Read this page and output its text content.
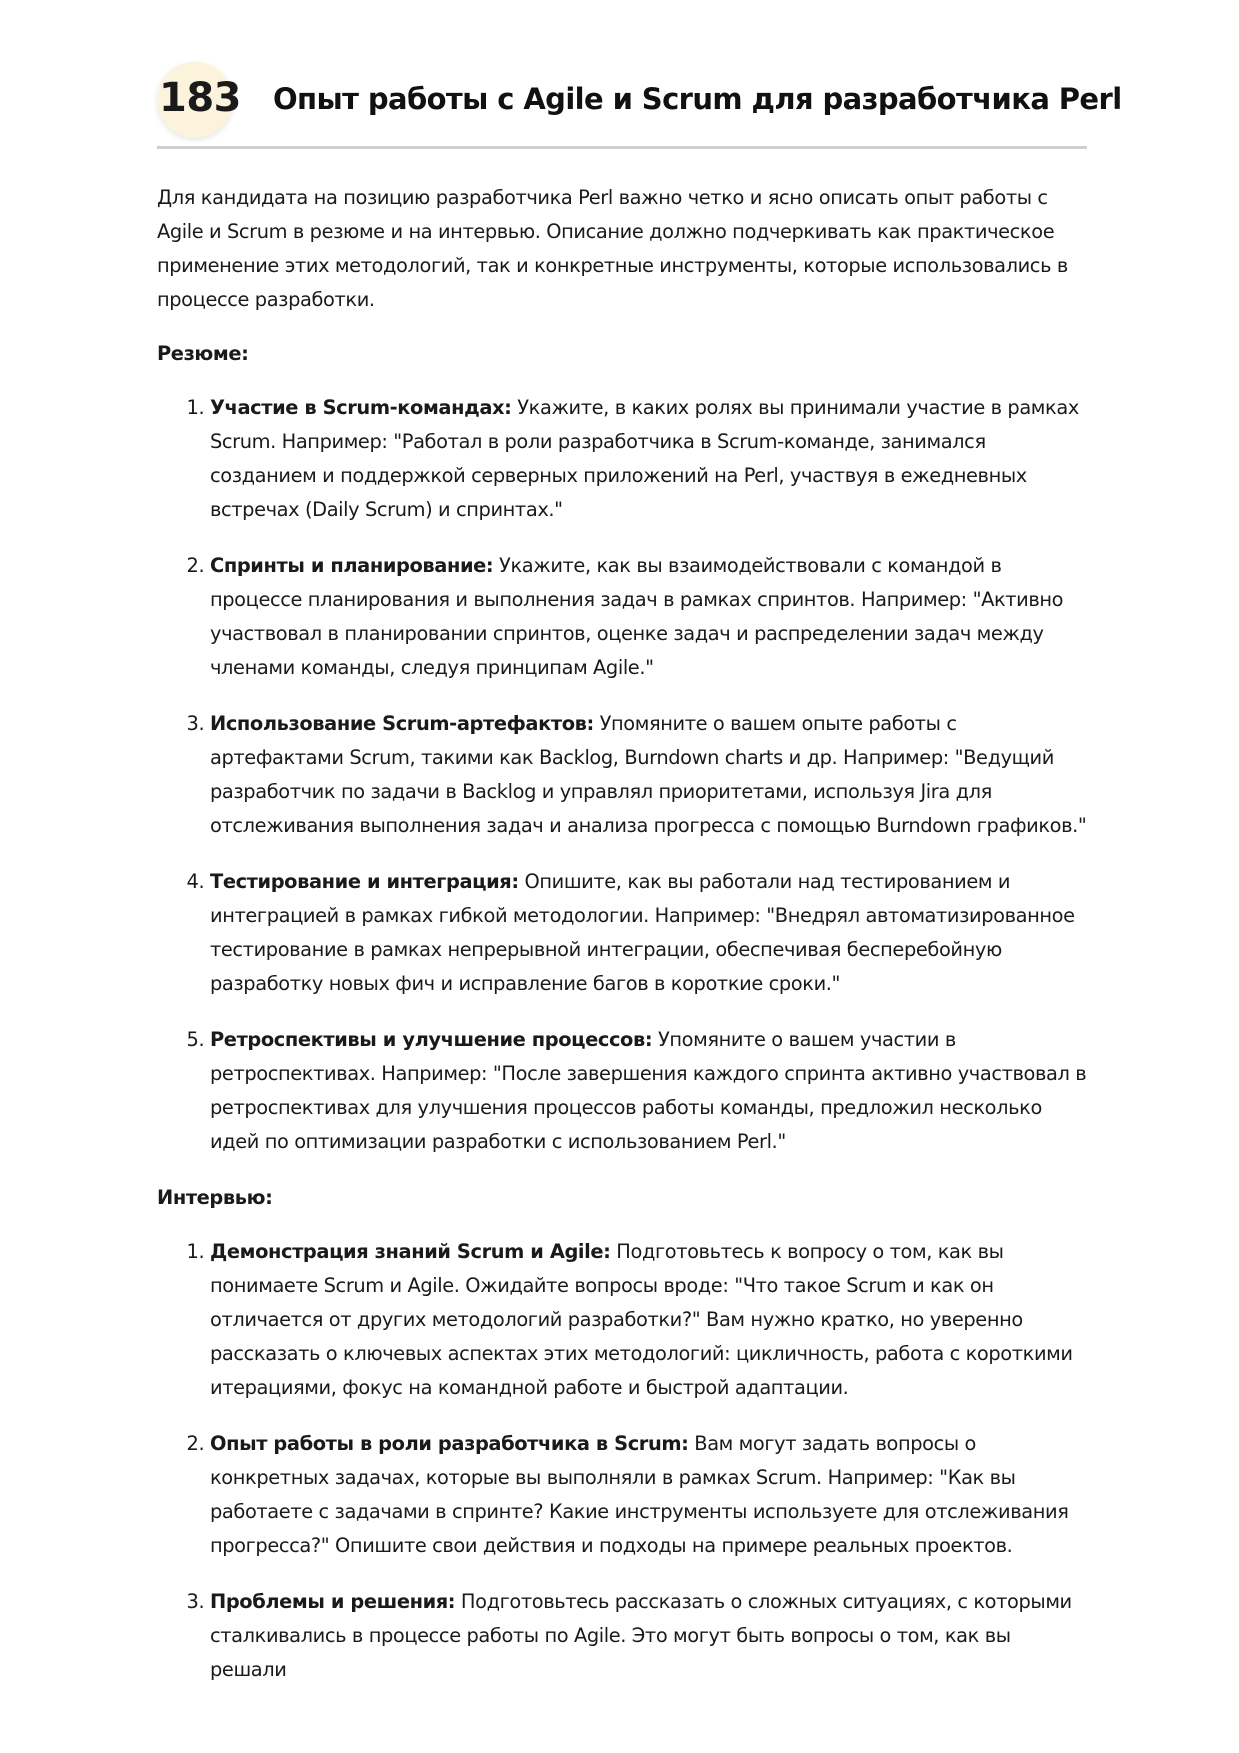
183 Опыт работы с Agile и Scrum для разработчика Perl

Для кандидата на позицию разработчика Perl важно четко и ясно описать опыт работы с Agile и Scrum в резюме и на интервью. Описание должно подчеркивать как практическое применение этих методологий, так и конкретные инструменты, которые использовались в процессе разработки.

Резюме:

1. Участие в Scrum-командах: Укажите, в каких ролях вы принимали участие в рамках Scrum. Например: "Работал в роли разработчика в Scrum-команде, занимался созданием и поддержкой серверных приложений на Perl, участвуя в ежедневных встречах (Daily Scrum) и спринтах."
2. Спринты и планирование: Укажите, как вы взаимодействовали с командой в процессе планирования и выполнения задач в рамках спринтов. Например: "Активно участвовал в планировании спринтов, оценке задач и распределении задач между членами команды, следуя принципам Agile."
3. Использование Scrum-артефактов: Упомяните о вашем опыте работы с артефактами Scrum, такими как Backlog, Burndown charts и др. Например: "Ведущий разработчик по задачи в Backlog и управлял приоритетами, используя Jira для отслеживания выполнения задач и анализа прогресса с помощью Burndown графиков."
4. Тестирование и интеграция: Опишите, как вы работали над тестированием и интеграцией в рамках гибкой методологии. Например: "Внедрял автоматизированное тестирование в рамках непрерывной интеграции, обеспечивая бесперебойную разработку новых фич и исправление багов в короткие сроки."
5. Ретроспективы и улучшение процессов: Упомяните о вашем участии в ретроспективах. Например: "После завершения каждого спринта активно участвовал в ретроспективах для улучшения процессов работы команды, предложил несколько идей по оптимизации разработки с использованием Perl."

Интервью:

1. Демонстрация знаний Scrum и Agile: Подготовьтесь к вопросу о том, как вы понимаете Scrum и Agile. Ожидайте вопросы вроде: "Что такое Scrum и как он отличается от других методологий разработки?" Вам нужно кратко, но уверенно рассказать о ключевых аспектах этих методологий: цикличность, работа с короткими итерациями, фокус на командной работе и быстрой адаптации.
2. Опыт работы в роли разработчика в Scrum: Вам могут задать вопросы о конкретных задачах, которые вы выполняли в рамках Scrum. Например: "Как вы работаете с задачами в спринте? Какие инструменты используете для отслеживания прогресса?" Опишите свои действия и подходы на примере реальных проектов.
3. Проблемы и решения: Подготовьтесь рассказать о сложных ситуациях, с которыми сталкивались в процессе работы по Agile. Это могут быть вопросы о том, как вы решали
